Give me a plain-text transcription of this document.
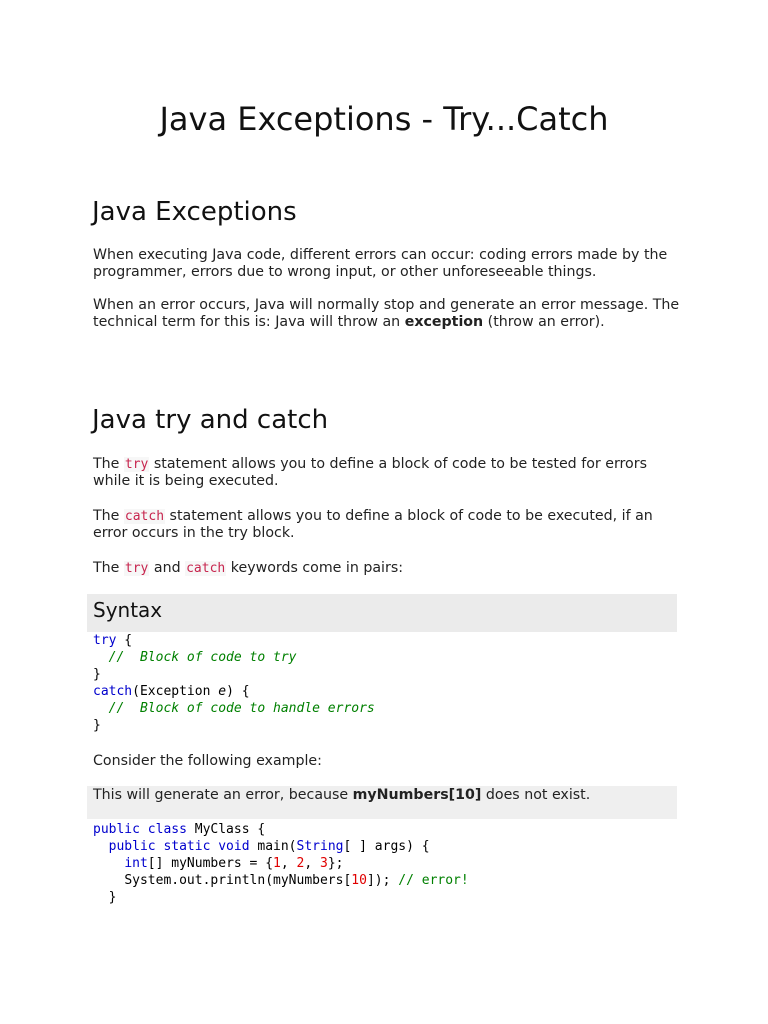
Java Exceptions - Try...Catch
Java Exceptions

When executing Java code, different errors can occur: coding errors made by the programmer, errors due to wrong input, or other unforeseeable things.

When an error occurs, Java will normally stop and generate an error message. The technical term for this is: Java will throw an exception (throw an error).

Java try and catch

The try statement allows you to define a block of code to be tested for errors while it is being executed.

The catch statement allows you to define a block of code to be executed, if an error occurs in the try block.

The try and catch keywords come in pairs:

Syntax
try {
//  Block of code to try
}
catch(Exception e) {
//  Block of code to handle errors
}

Consider the following example:

This will generate an error, because myNumbers[10] does not exist.

public class MyClass {
public static void main(String[ ] args) {
int[] myNumbers = {1, 2, 3};
System.out.println(myNumbers[10]); // error!
}
